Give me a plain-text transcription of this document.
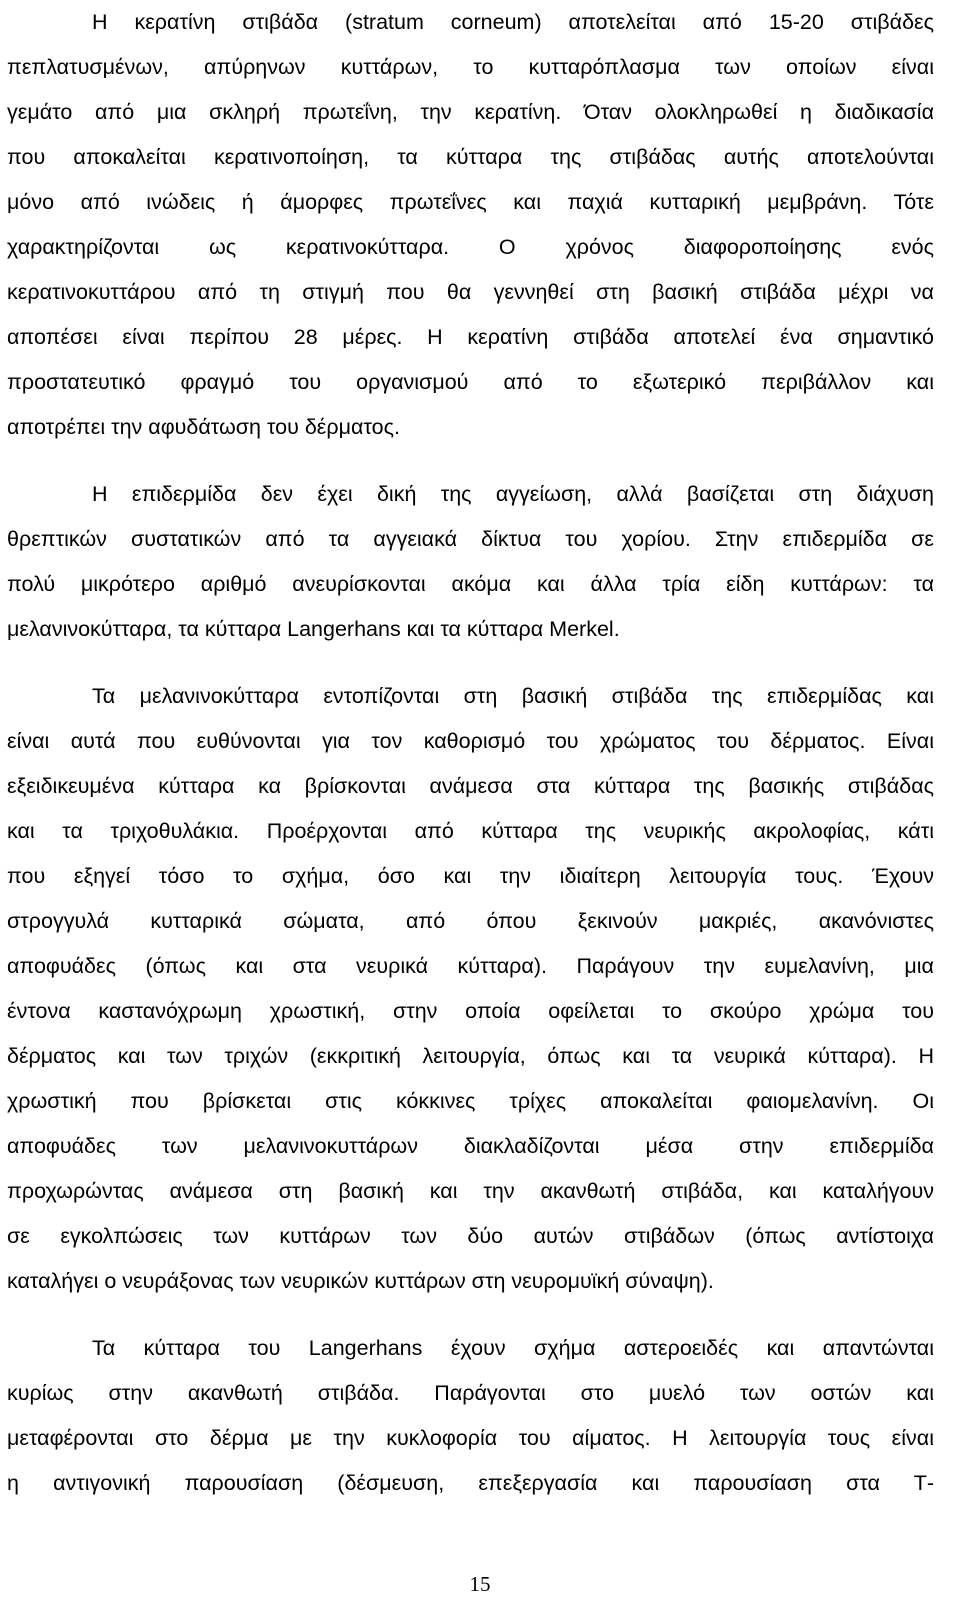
Η κερατίνη στιβάδα (stratum corneum) αποτελείται από 15-20 στιβάδες
πεπλατυσμένων, απύρηνων κυττάρων, το κυτταρόπλασμα των οποίων είναι
γεμάτο από μια σκληρή πρωτεΐνη, την κερατίνη. Όταν ολοκληρωθεί η διαδικασία
που αποκαλείται κερατινοποίηση, τα κύτταρα της στιβάδας αυτής αποτελούνται
μόνο από ινώδεις ή άμορφες πρωτεΐνες και παχιά κυτταρική μεμβράνη. Τότε
χαρακτηρίζονται ως κερατινοκύτταρα. Ο χρόνος διαφοροποίησης ενός
κερατινοκυττάρου από τη στιγμή που θα γεννηθεί στη βασική στιβάδα μέχρι να
αποπέσει είναι περίπου 28 μέρες. Η κερατίνη στιβάδα αποτελεί ένα σημαντικό
προστατευτικό φραγμό του οργανισμού από το εξωτερικό περιβάλλον και
αποτρέπει την αφυδάτωση του δέρματος.
Η επιδερμίδα δεν έχει δική της αγγείωση, αλλά βασίζεται στη διάχυση
θρεπτικών συστατικών από τα αγγειακά δίκτυα του χορίου. Στην επιδερμίδα σε
πολύ μικρότερο αριθμό ανευρίσκονται ακόμα και άλλα τρία είδη κυττάρων: τα
μελανινοκύτταρα, τα κύτταρα Langerhans και τα κύτταρα Merkel.
Τα μελανινοκύτταρα εντοπίζονται στη βασική στιβάδα της επιδερμίδας και
είναι αυτά που ευθύνονται για τον καθορισμό του χρώματος του δέρματος. Είναι
εξειδικευμένα κύτταρα κα βρίσκονται ανάμεσα στα κύτταρα της βασικής στιβάδας
και τα τριχοθυλάκια. Προέρχονται από κύτταρα της νευρικής ακρολοφίας, κάτι
που εξηγεί τόσο το σχήμα, όσο και την ιδιαίτερη λειτουργία τους. Έχουν
στρογγυλά κυτταρικά σώματα, από όπου ξεκινούν μακριές, ακανόνιστες
αποφυάδες (όπως και στα νευρικά κύτταρα). Παράγουν την ευμελανίνη, μια
έντονα καστανόχρωμη χρωστική, στην οποία οφείλεται το σκούρο χρώμα του
δέρματος και των τριχών (εκκριτική λειτουργία, όπως και τα νευρικά κύτταρα). Η
χρωστική που βρίσκεται στις κόκκινες τρίχες αποκαλείται φαιομελανίνη. Οι
αποφυάδες των μελανινοκυττάρων διακλαδίζονται μέσα στην επιδερμίδα
προχωρώντας ανάμεσα στη βασική και την ακανθωτή στιβάδα, και καταλήγουν
σε εγκολπώσεις των κυττάρων των δύο αυτών στιβάδων (όπως αντίστοιχα
καταλήγει ο νευράξονας των νευρικών κυττάρων στη νευρομυϊκή σύναψη).
Τα κύτταρα του Langerhans έχουν σχήμα αστεροειδές και απαντώνται
κυρίως στην ακανθωτή στιβάδα. Παράγονται στο μυελό των οστών και
μεταφέρονται στο δέρμα με την κυκλοφορία του αίματος. Η λειτουργία τους είναι
η αντιγονική παρουσίαση (δέσμευση, επεξεργασία και παρουσίαση στα Τ-
15
